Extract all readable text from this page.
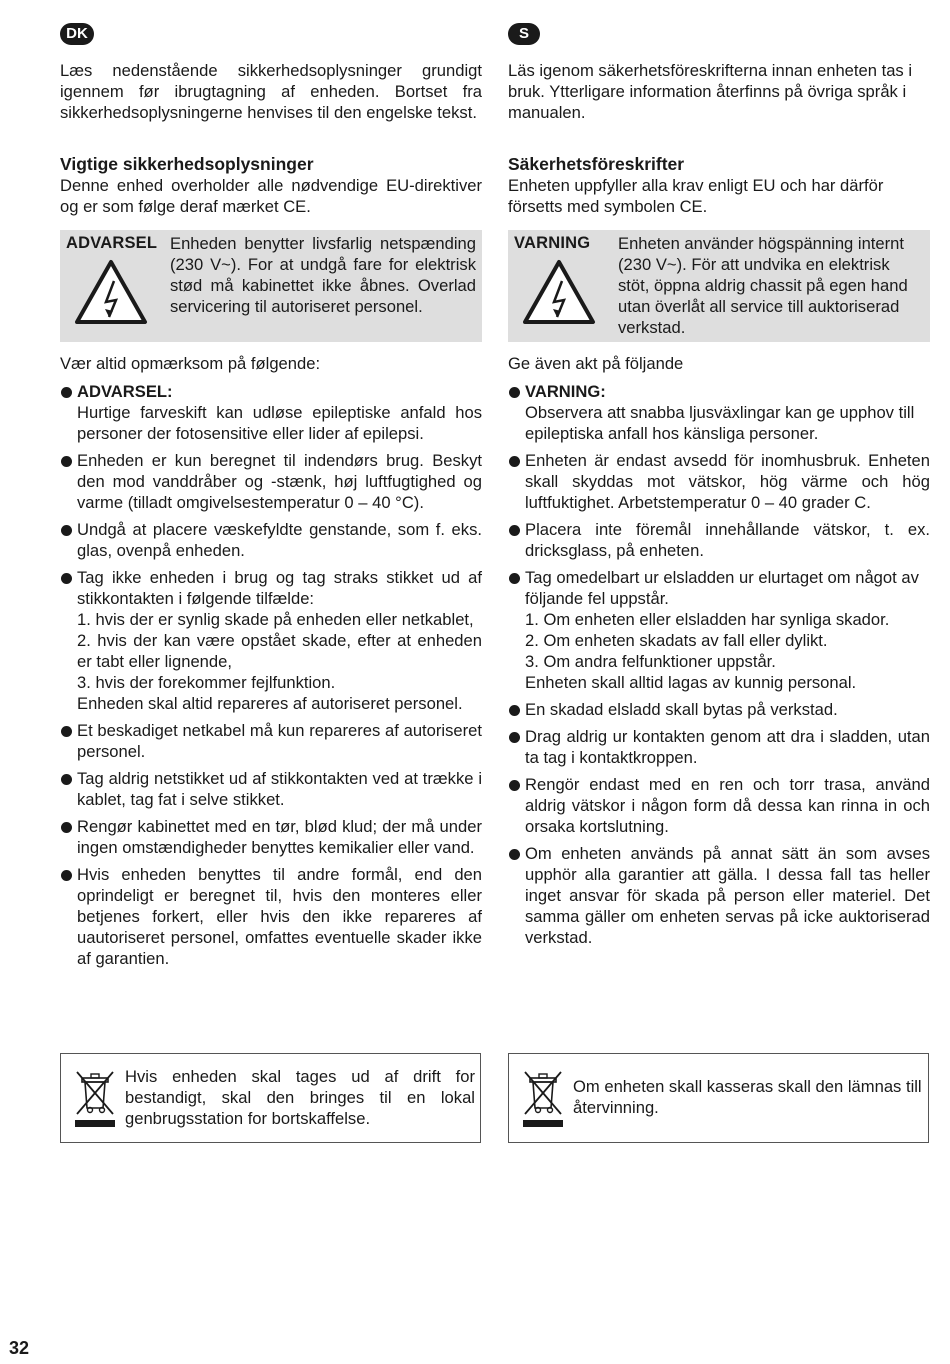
DK

Læs nedenstående sikkerhedsoplysninger grundigt igennem før ibrugtagning af enheden. Bortset fra sikkerhedsoplysningerne henvises til den engelske tekst.

Vigtige sikkerhedsoplysninger

Denne enhed overholder alle nødvendige EU-direktiver og er som følge deraf mærket CE.

ADVARSEL Enheden benytter livsfarlig netspænding (230 V~). For at undgå fare for elektrisk stød må kabinettet ikke åbnes. Overlad servicering til autoriseret personel.

Vær altid opmærksom på følgende:

ADVARSEL:
Hurtige farveskift kan udløse epileptiske anfald hos personer der fotosensitive eller lider af epilepsi.
Enheden er kun beregnet til indendørs brug. Beskyt den mod vanddråber og -stænk, høj luftfugtighed og varme (tilladt omgivelsestemperatur 0 – 40 °C).
Undgå at placere væskefyldte genstande, som f. eks. glas, ovenpå enheden.
Tag ikke enheden i brug og tag straks stikket ud af stikkontakten i følgende tilfælde:
1. hvis der er synlig skade på enheden eller netkablet,
2. hvis der kan være opstået skade, efter at enheden er tabt eller lignende,
3. hvis der forekommer fejlfunktion.
Enheden skal altid repareres af autoriseret personel.
Et beskadiget netkabel må kun repareres af autoriseret personel.
Tag aldrig netstikket ud af stikkontakten ved at trække i kablet, tag fat i selve stikket.
Rengør kabinettet med en tør, blød klud; der må under ingen omstændigheder benyttes kemikalier eller vand.
Hvis enheden benyttes til andre formål, end den oprindeligt er beregnet til, hvis den monteres eller betjenes forkert, eller hvis den ikke repareres af uautoriseret personel, omfattes eventuelle skader ikke af garantien.
S

Läs igenom säkerhetsföreskrifterna innan enheten tas i bruk. Ytterligare information återfinns på övriga språk i manualen.

Säkerhetsföreskrifter

Enheten uppfyller alla krav enligt EU och har därför försetts med symbolen CE.

VARNING Enheten använder högspänning internt (230 V~). För att undvika en elektrisk stöt, öppna aldrig chassit på egen hand utan överlåt all service till auktoriserad verkstad.

Ge även akt på följande

VARNING:
Observera att snabba ljusväxlingar kan ge upphov till epileptiska anfall hos känsliga personer.
Enheten är endast avsedd för inomhusbruk. Enheten skall skyddas mot vätskor, hög värme och hög luftfuktighet. Arbetstemperatur 0 – 40 grader C.
Placera inte föremål innehållande vätskor, t. ex. dricksglass, på enheten.
Tag omedelbart ur elsladden ur elurtaget om något av följande fel uppstår.
1. Om enheten eller elsladden har synliga skador.
2. Om enheten skadats av fall eller dylikt.
3. Om andra felfunktioner uppstår.
Enheten skall alltid lagas av kunnig personal.
En skadad elsladd skall bytas på verkstad.
Drag aldrig ur kontakten genom att dra i sladden, utan ta tag i kontaktkroppen.
Rengör endast med en ren och torr trasa, använd aldrig vätskor i någon form då dessa kan rinna in och orsaka kortslutning.
Om enheten används på annat sätt än som avses upphör alla garantier att gälla. I dessa fall tas heller inget ansvar för skada på person eller materiel. Det samma gäller om enheten servas på icke auktoriserad verkstad.
Hvis enheden skal tages ud af drift for bestandigt, skal den bringes til en lokal genbrugsstation for bortskaffelse.
Om enheten skall kasseras skall den lämnas till återvinning.
32
